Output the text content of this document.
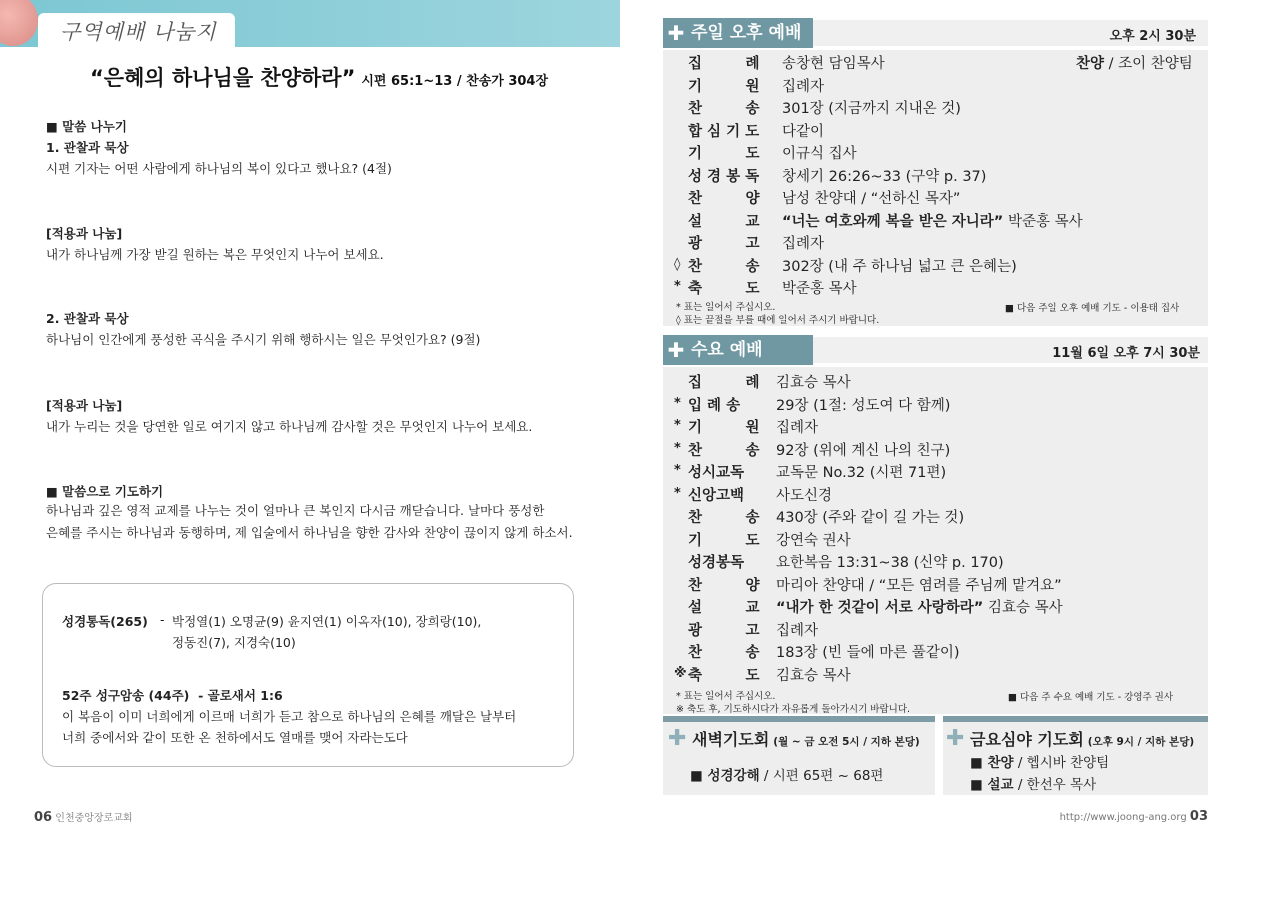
구역예배 나눔지
“은혜의 하나님을 찬양하라” 시편 65:1~13 / 찬송가 304장
■ 말씀 나누기
1. 관찰과 묵상
시편 기자는 어떤 사람에게 하나님의 복이 있다고 했나요? (4절)
[적용과 나눔]
내가 하나님께 가장 받길 원하는 복은 무엇인지 나누어 보세요.
2. 관찰과 묵상
하나님이 인간에게 풍성한 곡식을 주시기 위해 행하시는 일은 무엇인가요? (9절)
[적용과 나눔]
내가 누리는 것을 당연한 일로 여기지 않고 하나님께 감사할 것은 무엇인지 나누어 보세요.
■ 말씀으로 기도하기
하나님과 깊은 영적 교제를 나누는 것이 얼마나 큰 복인지 다시금 깨닫습니다. 날마다 풍성한
은혜를 주시는 하나님과 동행하며, 제 입술에서 하나님을 향한 감사와 찬양이 끊이지 않게 하소서.
성경통독(265) - 박정열(1) 오명균(9) 윤지연(1) 이옥자(10), 장희랑(10),
정동진(7), 지경숙(10)
52주 성구암송 (44주) - 골로새서 1:6
이 복음이 이미 너희에게 이르매 너희가 듣고 참으로 하나님의 은혜를 깨달은 날부터
너희 중에서와 같이 또한 온 천하에서도 열매를 맺어 자라는도다
06 인천중앙장로교회
✚ 주일 오후 예배	오후 2시 30분
찬양 / 조이 찬양팀
집　　　례	송창현 담임목사
기　　　원	집례자
찬　　　송	301장 (지금까지 지내온 것)
합 심 기 도	다같이
기　　　도	이규식 집사
성 경 봉 독	창세기 26:26~33 (구약 p. 37)
찬　　　양	남성 찬양대 / “선하신 목자”
설　　　교	“너는 여호와께 복을 받은 자니라” 박준홍 목사
광　　　고	집례자
◊ 찬　　　송	302장 (내 주 하나님 넓고 큰 은혜는)
* 축　　　도	박준홍 목사
* 표는 일어서 주십시오.
◊ 표는 끝절을 부를 때에 일어서 주시기 바랍니다.
■ 다음 주일 오후 예배 기도 - 이용태 집사
✚ 수요 예배	11월 6일 오후 7시 30분
집　　　례	김효승 목사
* 입 례 송	29장 (1절: 성도여 다 함께)
* 기　　　원	집례자
* 찬　　　송	92장 (위에 계신 나의 친구)
* 성시교독	교독문 No.32 (시편 71편)
* 신앙고백	사도신경
찬　　　송	430장 (주와 같이 길 가는 것)
기　　　도	강연숙 권사
성경봉독	요한복음 13:31~38 (신약 p. 170)
찬　　　양	마리아 찬양대 / “모든 염려를 주님께 맡겨요”
설　　　교	“내가 한 것같이 서로 사랑하라” 김효승 목사
광　　　고	집례자
찬　　　송	183장 (빈 들에 마른 풀같이)
※ 축　　　도	김효승 목사
* 표는 일어서 주십시오.
※ 축도 후, 기도하시다가 자유롭게 돌아가시기 바랍니다.
■ 다음 주 수요 예배 기도 - 강영주 권사
✚ 새벽기도회 (월 ~ 금 오전 5시 / 지하 본당)
■ 성경강해 / 시편 65편 ~ 68편
✚ 금요심야 기도회 (오후 9시 / 지하 본당)
■ 찬양 / 헵시바 찬양팀
■ 설교 / 한선우 목사
http://www.joong-ang.org 03
